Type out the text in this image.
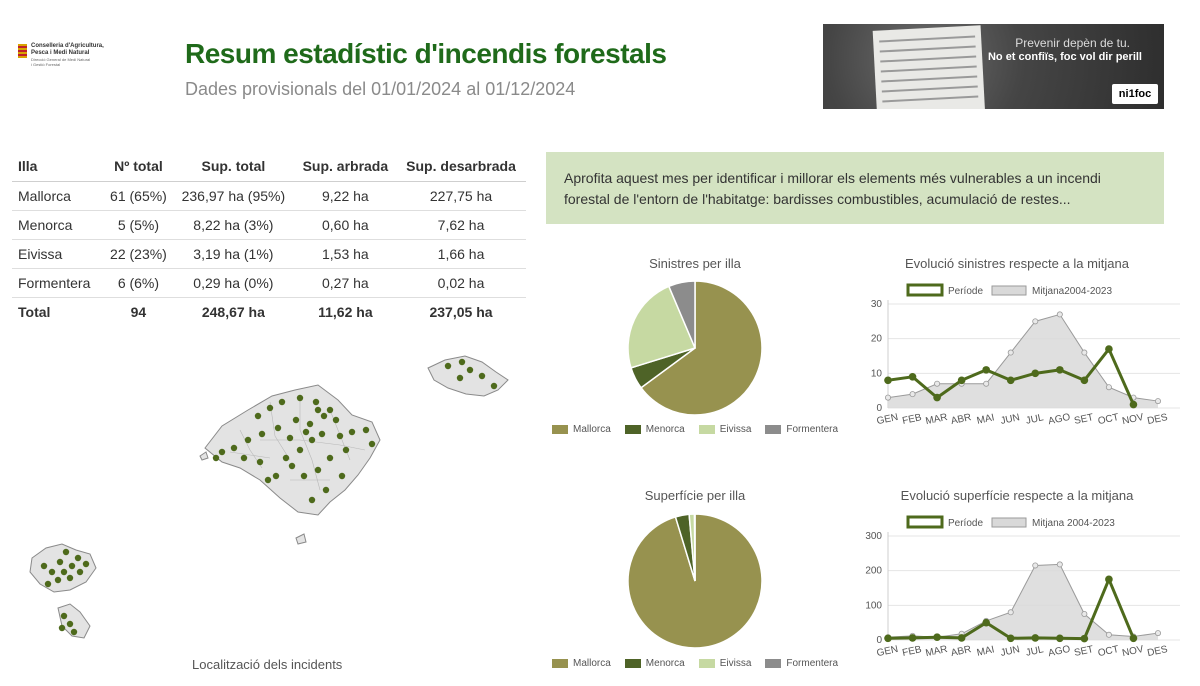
Conselleria d'Agricultura,
Pesca i Medi Natural
Direcció General de Medi Natural
i Gestió Forestal	Resum estadístic d'incendis forestals
Dades provisionals del 01/01/2024 al 01/12/2024
Prevenir depèn de tu.
No et confiïs, foc vol dir perill
ni1foc
Illa	Nº total	Sup. total	Sup. arbrada	Sup. desarbrada
Mallorca	61 (65%)	236,97 ha (95%)	9,22 ha	227,75 ha
Menorca	5 (5%)	8,22 ha (3%)	0,60 ha	7,62 ha
Eivissa	22 (23%)	3,19 ha (1%)	1,53 ha	1,66 ha
Formentera	6 (6%)	0,29 ha (0%)	0,27 ha	0,02 ha
Total	94	248,67 ha	11,62 ha	237,05 ha
Aprofita aquest mes per identificar i millorar els elements més vulnerables a un incendi forestal de l'entorn de l'habitatge: bardisses combustibles, acumulació de restes...
Localització dels incidents
Sinistres per illa
Mallorca	Menorca	Eivissa	Formentera
Superfície per illa
Mallorca	Menorca	Eivissa	Formentera
Evolució sinistres respecte a la mitjana
Període	Mitjana2004-2023
0
10
20
30
GEN FEB MAR ABR MAI JUN JUL AGO SET OCT NOV DES
Evolució superfície respecte a la mitjana
Període	Mitjana 2004-2023
0
100
200
300
GEN FEB MAR ABR MAI JUN JUL AGO SET OCT NOV DES
